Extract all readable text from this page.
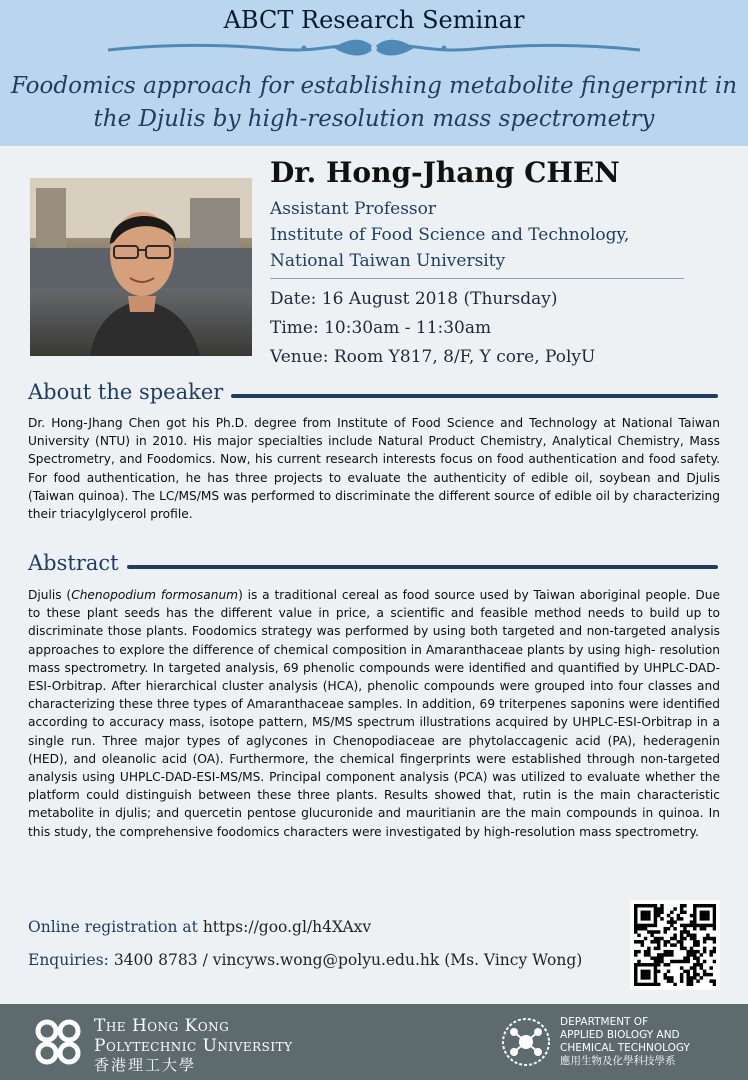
ABCT Research Seminar
Foodomics approach for establishing metabolite fingerprint in
the Djulis by high-resolution mass spectrometry
Dr. Hong-Jhang CHEN
Assistant Professor
Institute of Food Science and Technology,
National Taiwan University
Date: 16 August 2018 (Thursday)
Time: 10:30am - 11:30am
Venue: Room Y817, 8/F, Y core, PolyU
About the speaker
Dr. Hong-Jhang Chen got his Ph.D. degree from Institute of Food Science and Technology at National Taiwan University (NTU) in 2010. His major specialties include Natural Product Chemistry, Analytical Chemistry, Mass Spectrometry, and Foodomics. Now, his current research interests focus on food authentication and food safety. For food authentication, he has three projects to evaluate the authenticity of edible oil, soybean and Djulis (Taiwan quinoa). The LC/MS/MS was performed to discriminate the different source of edible oil by characterizing their triacylglycerol profile.
Abstract
Djulis (Chenopodium formosanum) is a traditional cereal as food source used by Taiwan aboriginal people. Due to these plant seeds has the different value in price, a scientific and feasible method needs to build up to discriminate those plants. Foodomics strategy was performed by using both targeted and non-targeted analysis approaches to explore the difference of chemical composition in Amaranthaceae plants by using high- resolution mass spectrometry. In targeted analysis, 69 phenolic compounds were identified and quantified by UHPLC-DAD-ESI-Orbitrap. After hierarchical cluster analysis (HCA), phenolic compounds were grouped into four classes and characterizing these three types of Amaranthaceae samples. In addition, 69 triterpenes saponins were identified according to accuracy mass, isotope pattern, MS/MS spectrum illustrations acquired by UHPLC-ESI-Orbitrap in a single run. Three major types of aglycones in Chenopodiaceae are phytolaccagenic acid (PA), hederagenin (HED), and oleanolic acid (OA). Furthermore, the chemical fingerprints were established through non-targeted analysis using UHPLC-DAD-ESI-MS/MS. Principal component analysis (PCA) was utilized to evaluate whether the platform could distinguish between these three plants. Results showed that, rutin is the main characteristic metabolite in djulis; and quercetin pentose glucuronide and mauritianin are the main compounds in quinoa. In this study, the comprehensive foodomics characters were investigated by high-resolution mass spectrometry.
Online registration at https://goo.gl/h4XAxv
Enquiries: 3400 8783 / vincyws.wong@polyu.edu.hk (Ms. Vincy Wong)
The Hong Kong
Polytechnic University
香港理工大學
DEPARTMENT OF
APPLIED BIOLOGY AND
CHEMICAL TECHNOLOGY
應用生物及化學科技學系
